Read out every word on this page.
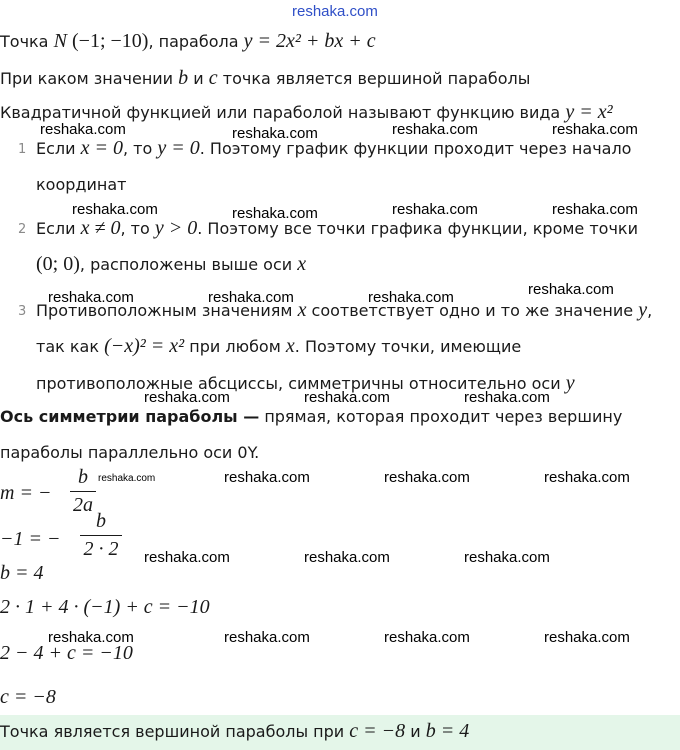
reshaka.com
Точка N (−1; −10), парабола y = 2x² + bx + c
При каком значении b и c точка является вершиной параболы
Квадратичной функцией или параболой называют функцию вида y = x²
1 Если x = 0, то y = 0. Поэтому график функции проходит через начало
координат
2 Если x ≠ 0, то y > 0. Поэтому все точки графика функции, кроме точки
(0; 0), расположены выше оси x
3 Противоположным значениям x соответствует одно и то же значение y,
так как (−x)² = x² при любом x. Поэтому точки, имеющие
противоположные абсциссы, симметричны относительно оси y
Ось симметрии параболы — прямая, которая проходит через вершину
параболы параллельно оси 0Y.
m = −
b
2a
−1 = −
b
2 · 2
b = 4
2 · 1 + 4 · (−1) + c = −10
2 − 4 + c = −10
c = −8
Точка является вершиной параболы при c = −8 и b = 4
reshaka.com	reshaka.com	reshaka.com	reshaka.com
reshaka.com	reshaka.com	reshaka.com	reshaka.com
reshaka.com	reshaka.com	reshaka.com	reshaka.com
reshaka.com	reshaka.com	reshaka.com
reshaka.com	reshaka.com	reshaka.com	reshaka.com
reshaka.com	reshaka.com	reshaka.com
reshaka.com	reshaka.com	reshaka.com	reshaka.com
